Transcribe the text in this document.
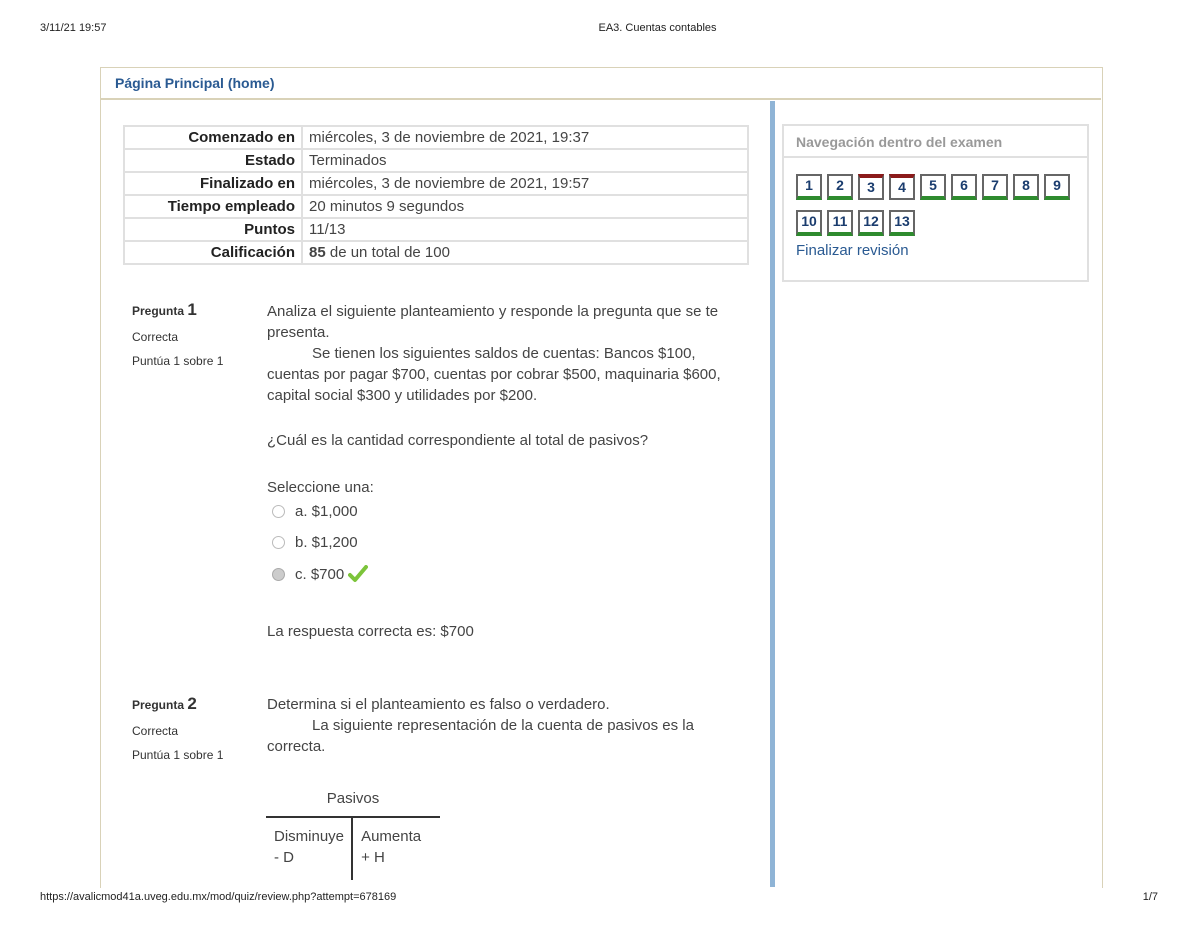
3/11/21 19:57	EA3. Cuentas contables
Página Principal (home)
Comenzado en	miércoles, 3 de noviembre de 2021, 19:37
Estado	Terminados
Finalizado en	miércoles, 3 de noviembre de 2021, 19:57
Tiempo empleado	20 minutos 9 segundos
Puntos	11/13
Calificación	85 de un total de 100
Pregunta 1
Correcta
Puntúa 1 sobre 1

Analiza el siguiente planteamiento y responde la pregunta que se te presenta.

Se tienen los siguientes saldos de cuentas: Bancos $100, cuentas por pagar $700, cuentas por cobrar $500, maquinaria $600, capital social $300 y utilidades por $200.

¿Cuál es la cantidad correspondiente al total de pasivos?
Seleccione una:
a. $1,000
b. $1,200
c. $700
La respuesta correcta es: $700
Pregunta 2
Correcta
Puntúa 1 sobre 1

Determina si el planteamiento es falso o verdadero.

La siguiente representación de la cuenta de pasivos es la correcta.

Pasivos
Disminuye
- D
Aumenta
+ H
Navegación dentro del examen
1	2	3	4	5	6	7	8	9
10	11	12	13
Finalizar revisión
https://avalicmod41a.uveg.edu.mx/mod/quiz/review.php?attempt=678169	1/7
